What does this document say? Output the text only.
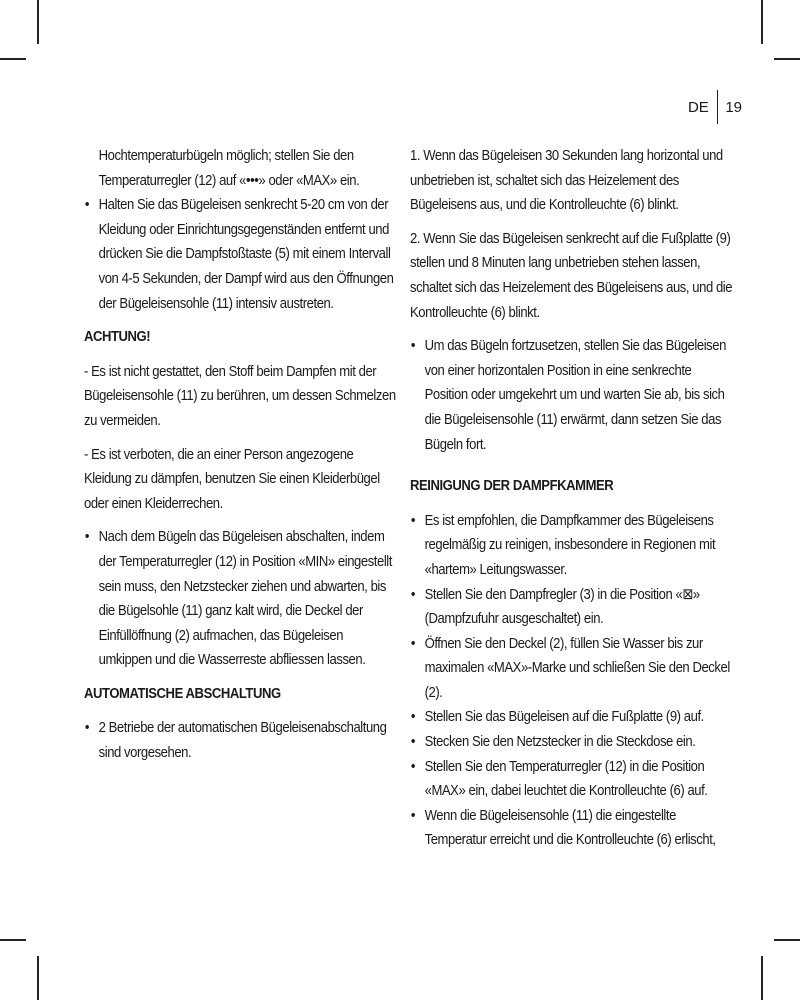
DE 19

Hochtemperaturbügeln möglich; stellen Sie den Temperaturregler (12) auf «•••» oder «MAX» ein.

• Halten Sie das Bügeleisen senkrecht 5-20 cm von der Kleidung oder Einrichtungsgegenständen entfernt und drücken Sie die Dampfstoßtaste (5) mit einem Intervall von 4-5 Sekunden, der Dampf wird aus den Öffnungen der Bügeleisensohle (11) intensiv austreten.
ACHTUNG!

- Es ist nicht gestattet, den Stoff beim Dampfen mit der Bügeleisensohle (11) zu berühren, um dessen Schmelzen zu vermeiden.

- Es ist verboten, die an einer Person angezogene Kleidung zu dämpfen, benutzen Sie einen Kleiderbügel oder einen Kleiderrechen.

• Nach dem Bügeln das Bügeleisen abschalten, indem der Temperaturregler (12) in Position «MIN» eingestellt sein muss, den Netzstecker ziehen und abwarten, bis die Bügelsohle (11) ganz kalt wird, die Deckel der Einfüllöffnung (2) aufmachen, das Bügeleisen umkippen und die Wasserreste abfliessen lassen.
AUTOMATISCHE ABSCHALTUNG
• 2 Betriebe der automatischen Bügeleisenabschaltung sind vorgesehen.

1. Wenn das Bügeleisen 30 Sekunden lang horizontal und unbetrieben ist, schaltet sich das Heizelement des Bügeleisens aus, und die Kontrolleuchte (6) blinkt.

2. Wenn Sie das Bügeleisen senkrecht auf die Fußplatte (9) stellen und 8 Minuten lang unbetrieben stehen lassen, schaltet sich das Heizelement des Bügeleisens aus, und die Kontrolleuchte (6) blinkt.

• Um das Bügeln fortzusetzen, stellen Sie das Bügeleisen von einer horizontalen Position in eine senkrechte Position oder umgekehrt um und warten Sie ab, bis sich die Bügeleisensohle (11) erwärmt, dann setzen Sie das Bügeln fort.
REINIGUNG DER DAMPFKAMMER
• Es ist empfohlen, die Dampfkammer des Bügeleisens regelmäßig zu reinigen, insbesondere in Regionen mit «hartem» Leitungswasser.
• Stellen Sie den Dampfregler (3) in die Position «⊠» (Dampfzufuhr ausgeschaltet) ein.
• Öffnen Sie den Deckel (2), füllen Sie Wasser bis zur maximalen «MAX»-Marke und schließen Sie den Deckel (2).
• Stellen Sie das Bügeleisen auf die Fußplatte (9) auf.
• Stecken Sie den Netzstecker in die Steckdose ein.
• Stellen Sie den Temperaturregler (12) in die Position «MAX» ein, dabei leuchtet die Kontrolleuchte (6) auf.
• Wenn die Bügeleisensohle (11) die eingestellte Temperatur erreicht und die Kontrolleuchte (6) erlischt,
